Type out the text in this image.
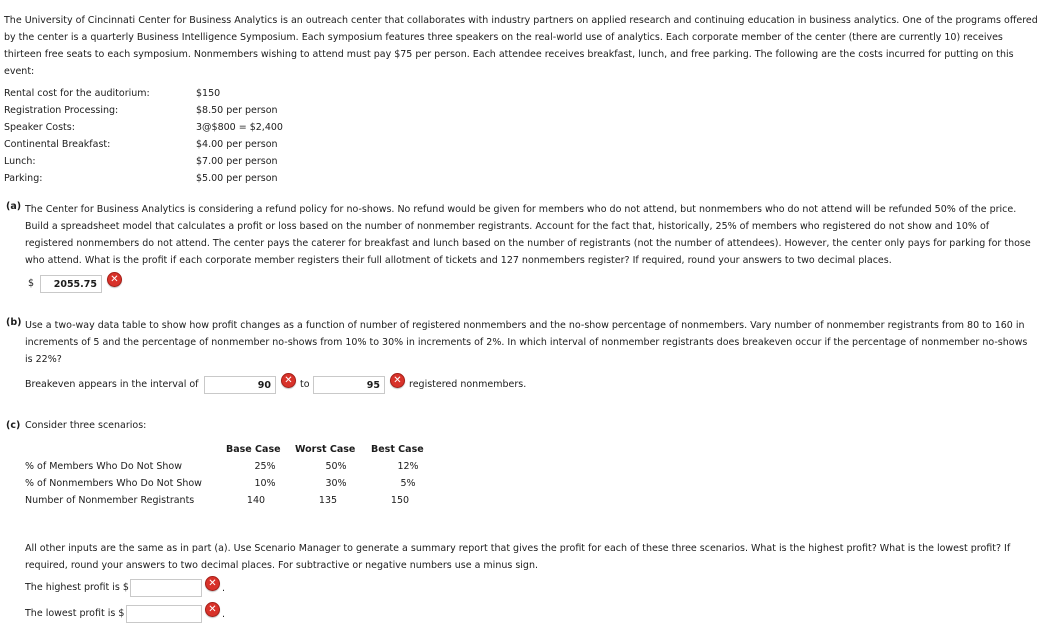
The University of Cincinnati Center for Business Analytics is an outreach center that collaborates with industry partners on applied research and continuing education in business analytics. One of the programs offered
by the center is a quarterly Business Intelligence Symposium. Each symposium features three speakers on the real-world use of analytics. Each corporate member of the center (there are currently 10) receives
thirteen free seats to each symposium. Nonmembers wishing to attend must pay $75 per person. Each attendee receives breakfast, lunch, and free parking. The following are the costs incurred for putting on this
event:
Rental cost for the auditorium:	$150
Registration Processing:	$8.50 per person
Speaker Costs:	3@$800 = $2,400
Continental Breakfast:	$4.00 per person
Lunch:	$7.00 per person
Parking:	$5.00 per person
(a) The Center for Business Analytics is considering a refund policy for no-shows. No refund would be given for members who do not attend, but nonmembers who do not attend will be refunded 50% of the price.
Build a spreadsheet model that calculates a profit or loss based on the number of nonmember registrants. Account for the fact that, historically, 25% of members who registered do not show and 10% of
registered nonmembers do not attend. The center pays the caterer for breakfast and lunch based on the number of registrants (not the number of attendees). However, the center only pays for parking for those
who attend. What is the profit if each corporate member registers their full allotment of tickets and 127 nonmembers register? If required, round your answers to two decimal places.
$
2055.75	✕
(b) Use a two-way data table to show how profit changes as a function of number of registered nonmembers and the no-show percentage of nonmembers. Vary number of nonmember registrants from 80 to 160 in
increments of 5 and the percentage of nonmember no-shows from 10% to 30% in increments of 2%. In which interval of nonmember registrants does breakeven occur if the percentage of nonmember no-shows
is 22%?
Breakeven appears in the interval of
90	✕ to
95	✕ registered nonmembers.
(c) Consider three scenarios:
Base Case Worst Case Best Case
% of Members Who Do Not Show	25%	50%	12%
% of Nonmembers Who Do Not Show	10%	30%	5%
Number of Nonmember Registrants	140	135	150
All other inputs are the same as in part (a). Use Scenario Manager to generate a summary report that gives the profit for each of these three scenarios. What is the highest profit? What is the lowest profit? If
required, round your answers to two decimal places. For subtractive or negative numbers use a minus sign.
The highest profit is $	✕ .
The lowest profit is $	✕ .
